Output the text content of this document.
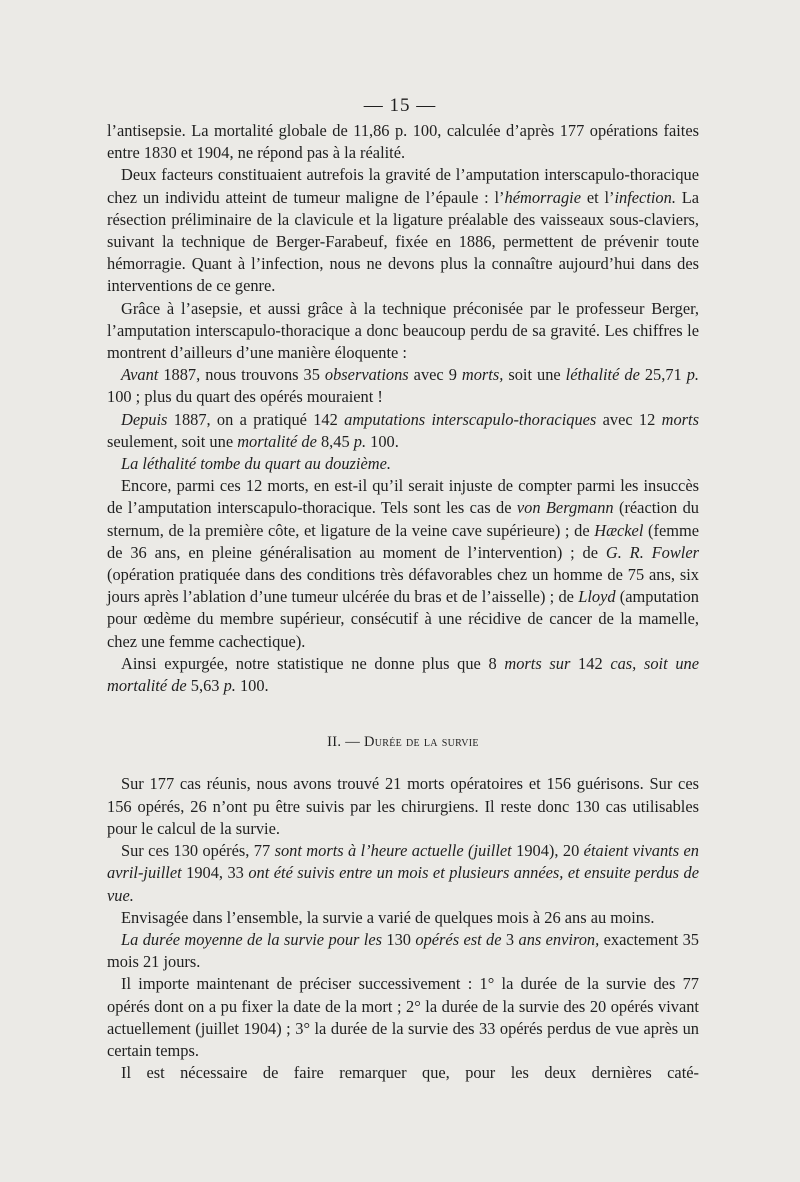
— 15 —

l’antisepsie. La mortalité globale de 11,86 p. 100, calculée d’après 177 opérations faites entre 1830 et 1904, ne répond pas à la réalité.

Deux facteurs constituaient autrefois la gravité de l’amputation interscapulo-thoracique chez un individu atteint de tumeur maligne de l’épaule : l’hémorragie et l’infection. La résection préliminaire de la clavicule et la ligature préalable des vaisseaux sous-claviers, suivant la technique de Berger-Farabeuf, fixée en 1886, permettent de prévenir toute hémorragie. Quant à l’infection, nous ne devons plus la connaître aujourd’hui dans des interventions de ce genre.

Grâce à l’asepsie, et aussi grâce à la technique préconisée par le professeur Berger, l’amputation interscapulo-thoracique a donc beaucoup perdu de sa gravité. Les chiffres le montrent d’ailleurs d’une manière éloquente :

Avant 1887, nous trouvons 35 observations avec 9 morts, soit une léthalité de 25,71 p. 100 ; plus du quart des opérés mouraient !

Depuis 1887, on a pratiqué 142 amputations interscapulo-thoraciques avec 12 morts seulement, soit une mortalité de 8,45 p. 100.

La léthalité tombe du quart au douzième.

Encore, parmi ces 12 morts, en est-il qu’il serait injuste de compter parmi les insuccès de l’amputation interscapulo-thoracique. Tels sont les cas de von Bergmann (réaction du sternum, de la première côte, et ligature de la veine cave supérieure) ; de Hæckel (femme de 36 ans, en pleine généralisation au moment de l’intervention) ; de G. R. Fowler (opération pratiquée dans des conditions très défavorables chez un homme de 75 ans, six jours après l’ablation d’une tumeur ulcérée du bras et de l’aisselle) ; de Lloyd (amputation pour œdème du membre supérieur, consécutif à une récidive de cancer de la mamelle, chez une femme cachectique).

Ainsi expurgée, notre statistique ne donne plus que 8 morts sur 142 cas, soit une mortalité de 5,63 p. 100.

II. — Durée de la survie

Sur 177 cas réunis, nous avons trouvé 21 morts opératoires et 156 guérisons. Sur ces 156 opérés, 26 n’ont pu être suivis par les chirurgiens. Il reste donc 130 cas utilisables pour le calcul de la survie.

Sur ces 130 opérés, 77 sont morts à l’heure actuelle (juillet 1904), 20 étaient vivants en avril-juillet 1904, 33 ont été suivis entre un mois et plusieurs années, et ensuite perdus de vue.

Envisagée dans l’ensemble, la survie a varié de quelques mois à 26 ans au moins.

La durée moyenne de la survie pour les 130 opérés est de 3 ans environ, exactement 35 mois 21 jours.

Il importe maintenant de préciser successivement : 1° la durée de la survie des 77 opérés dont on a pu fixer la date de la mort ; 2° la durée de la survie des 20 opérés vivant actuellement (juillet 1904) ; 3° la durée de la survie des 33 opérés perdus de vue après un certain temps.

Il est nécessaire de faire remarquer que, pour les deux dernières caté-
